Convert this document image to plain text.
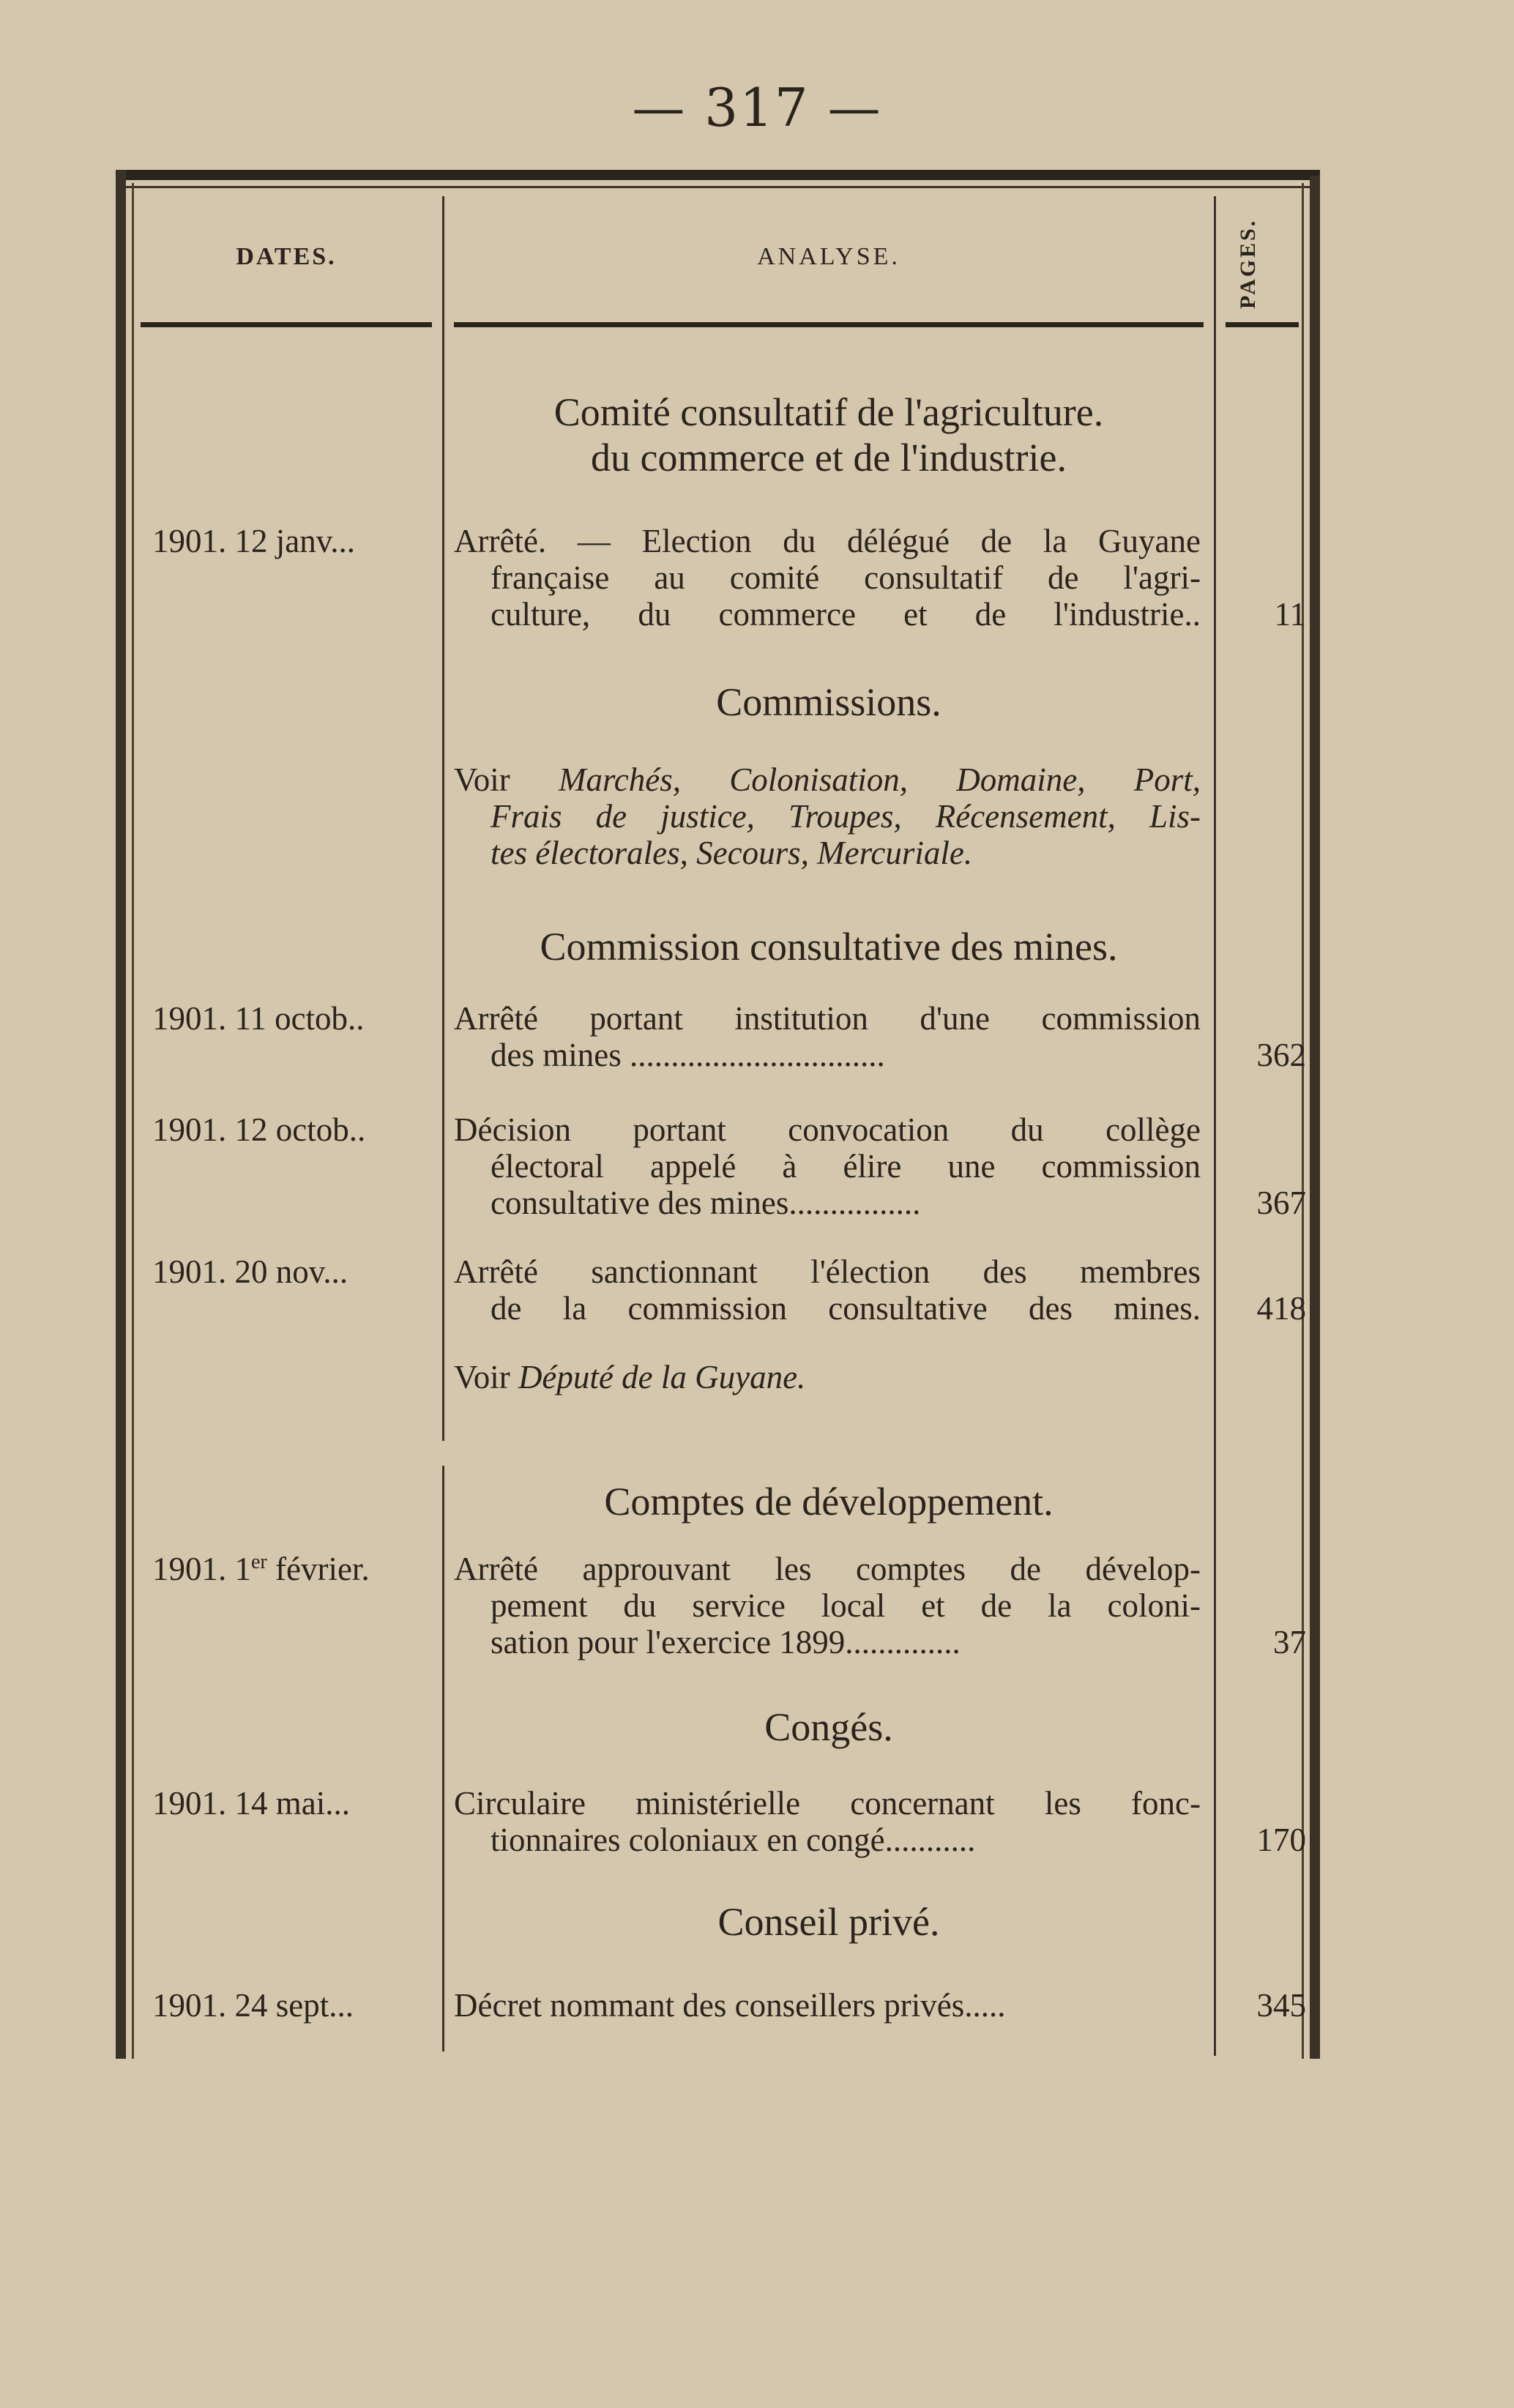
— 317 —
DATES.	ANALYSE.	PAGES.
Comité consultatif de l'agriculture.
du commerce et de l'industrie.
1901. 12 janv...	Arrêté. — Election du délégué de la Guyane
française au comité consultatif de l'agri-
culture, du commerce et de l'industrie..	11
Commissions.
Voir Marchés, Colonisation, Domaine, Port,
Frais de justice, Troupes, Récensement, Lis-
tes électorales, Secours, Mercuriale.
Commission consultative des mines.
1901. 11 octob..	Arrêté portant institution d'une commission
des mines ...............................	362
1901. 12 octob..	Décision portant convocation du collège
électoral appelé à élire une commission
consultative des mines................	367
1901. 20 nov...	Arrêté sanctionnant l'élection des membres
de la commission consultative des mines.	418
Voir Député de la Guyane.
Comptes de développement.
1901. 1er février.	Arrêté approuvant les comptes de dévelop-
pement du service local et de la coloni-
sation pour l'exercice 1899..............	37
Congés.
1901. 14 mai...	Circulaire ministérielle concernant les fonc-
tionnaires coloniaux en congé...........	170
Conseil privé.
1901. 24 sept...	Décret nommant des conseillers privés.....	345
